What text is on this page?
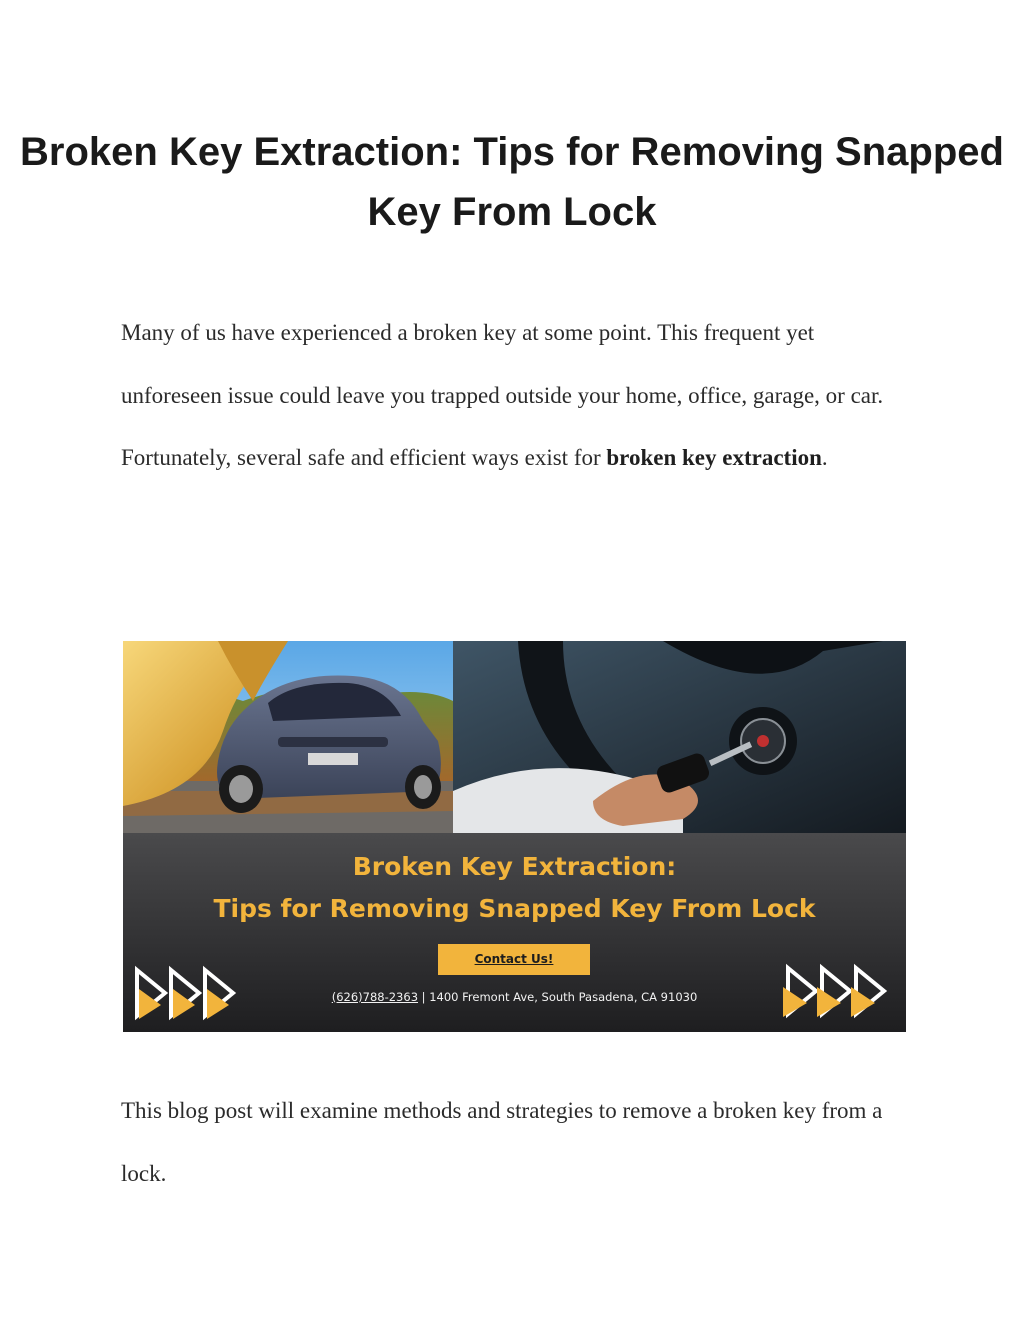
Broken Key Extraction: Tips for Removing Snapped Key From Lock

Many of us have experienced a broken key at some point. This frequent yet unforeseen issue could leave you trapped outside your home, office, garage, or car. Fortunately, several safe and efficient ways exist for broken key extraction.

Broken Key Extraction:
Tips for Removing Snapped Key From Lock
Contact Us!
(626)788-2363 | 1400 Fremont Ave, South Pasadena, CA 91030

This blog post will examine methods and strategies to remove a broken key from a lock.
